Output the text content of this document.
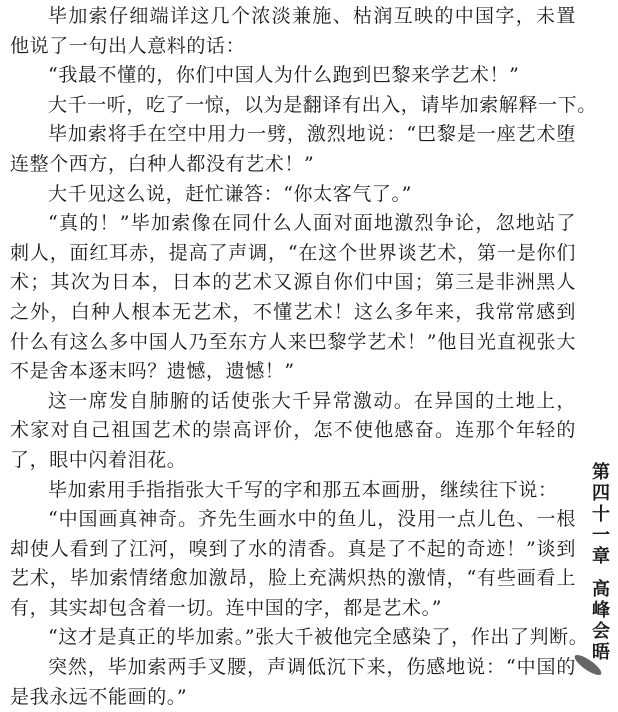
毕加索仔细端详这几个浓淡兼施、枯润互映的中国字，未置
他说了一句出人意料的话：
“我最不懂的，你们中国人为什么跑到巴黎来学艺术！”
大千一听，吃了一惊，以为是翻译有出入，请毕加索解释一下。
毕加索将手在空中用力一劈，激烈地说：“巴黎是一座艺术堕
连整个西方，白种人都没有艺术！”
大千见这么说，赶忙谦答：“你太客气了。”
“真的！”毕加索像在同什么人面对面地激烈争论，忽地站了
刺人，面红耳赤，提高了声调，“在这个世界谈艺术，第一是你们
术；其次为日本，日本的艺术又源自你们中国；第三是非洲黑人
之外，白种人根本无艺术，不懂艺术！这么多年来，我常常感到
什么有这么多中国人乃至东方人来巴黎学艺术！”他目光直视张大
不是舍本逐末吗？遗憾，遗憾！”
这一席发自肺腑的话使张大千异常激动。在异国的土地上，
术家对自己祖国艺术的崇高评价，怎不使他感奋。连那个年轻的
了，眼中闪着泪花。
毕加索用手指指张大千写的字和那五本画册，继续往下说：
“中国画真神奇。齐先生画水中的鱼儿，没用一点儿色、一根
却使人看到了江河，嗅到了水的清香。真是了不起的奇迹！”谈到
艺术，毕加索情绪愈加激昂，脸上充满炽热的激情，“有些画看上
有，其实却包含着一切。连中国的字，都是艺术。”
“这才是真正的毕加索。”张大千被他完全感染了，作出了判断。
突然，毕加索两手叉腰，声调低沉下来，伤感地说：“中国的
是我永远不能画的。”
第四十一章
高峰会晤
